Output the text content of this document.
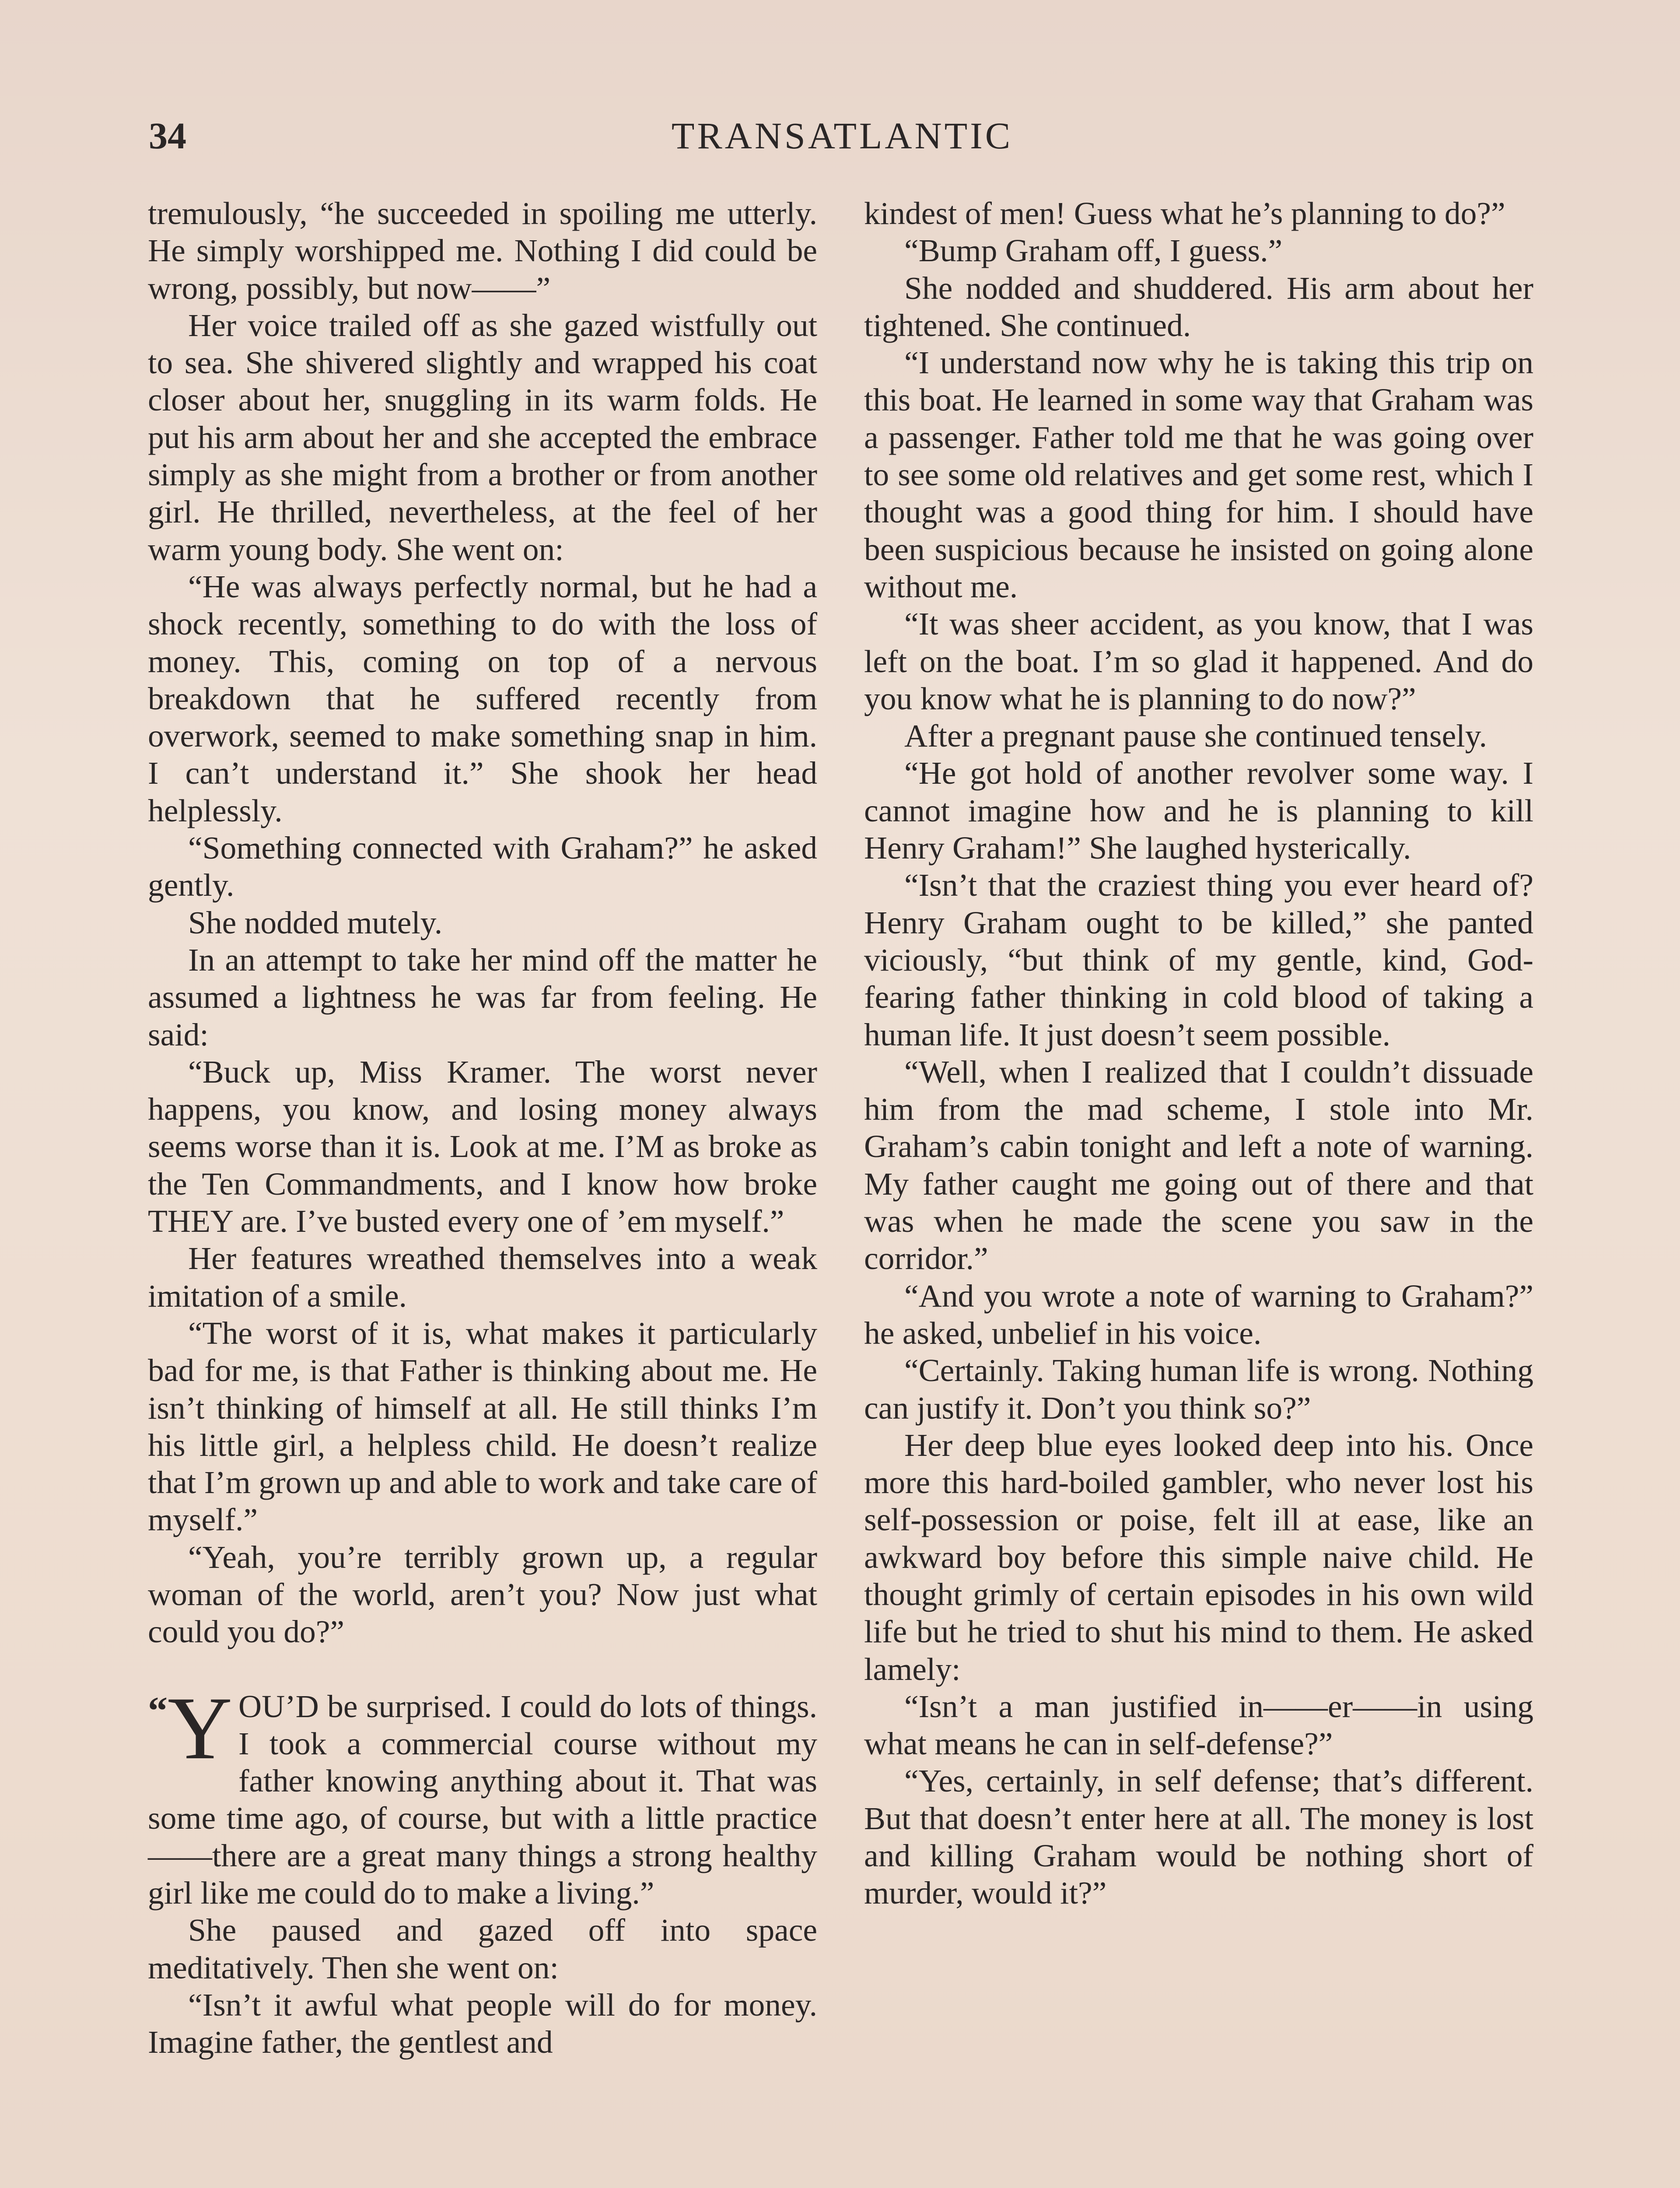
34	TRANSATLANTIC

tremulously, “he succeeded in spoiling me utterly. He simply worshipped me. Nothing I did could be wrong, possibly, but now——”

Her voice trailed off as she gazed wistfully out to sea. She shivered slightly and wrapped his coat closer about her, snuggling in its warm folds. He put his arm about her and she accepted the embrace simply as she might from a brother or from another girl. He thrilled, nevertheless, at the feel of her warm young body. She went on:

“He was always perfectly normal, but he had a shock recently, something to do with the loss of money. This, coming on top of a nervous breakdown that he suffered recently from overwork, seemed to make something snap in him. I can’t understand it.” She shook her head helplessly.

“Something connected with Graham?” he asked gently.

She nodded mutely.

In an attempt to take her mind off the matter he assumed a lightness he was far from feeling. He said:

“Buck up, Miss Kramer. The worst never happens, you know, and losing money always seems worse than it is. Look at me. I’M as broke as the Ten Commandments, and I know how broke THEY are. I’ve busted every one of ’em myself.”

Her features wreathed themselves into a weak imitation of a smile.

“The worst of it is, what makes it particularly bad for me, is that Father is thinking about me. He isn’t thinking of himself at all. He still thinks I’m his little girl, a helpless child. He doesn’t realize that I’m grown up and able to work and take care of myself.”

“Yeah, you’re terribly grown up, a regular woman of the world, aren’t you? Now just what could you do?”

“Y OU’D be surprised. I could do lots of things. I took a commercial course without my father knowing anything about it. That was some time ago, of course, but with a little practice ——there are a great many things a strong healthy girl like me could do to make a living.”

She paused and gazed off into space meditatively. Then she went on:

“Isn’t it awful what people will do for money. Imagine father, the gentlest and

kindest of men! Guess what he’s planning to do?”

“Bump Graham off, I guess.”

She nodded and shuddered. His arm about her tightened. She continued.

“I understand now why he is taking this trip on this boat. He learned in some way that Graham was a passenger. Father told me that he was going over to see some old relatives and get some rest, which I thought was a good thing for him. I should have been suspicious because he insisted on going alone without me.

“It was sheer accident, as you know, that I was left on the boat. I’m so glad it happened. And do you know what he is planning to do now?”

After a pregnant pause she continued tensely.

“He got hold of another revolver some way. I cannot imagine how and he is planning to kill Henry Graham!” She laughed hysterically.

“Isn’t that the craziest thing you ever heard of? Henry Graham ought to be killed,” she panted viciously, “but think of my gentle, kind, God-fearing father thinking in cold blood of taking a human life. It just doesn’t seem possible.

“Well, when I realized that I couldn’t dissuade him from the mad scheme, I stole into Mr. Graham’s cabin tonight and left a note of warning. My father caught me going out of there and that was when he made the scene you saw in the corridor.”

“And you wrote a note of warning to Graham?” he asked, unbelief in his voice.

“Certainly. Taking human life is wrong. Nothing can justify it. Don’t you think so?”

Her deep blue eyes looked deep into his. Once more this hard-boiled gambler, who never lost his self-possession or poise, felt ill at ease, like an awkward boy before this simple naive child. He thought grimly of certain episodes in his own wild life but he tried to shut his mind to them. He asked lamely:

“Isn’t a man justified in——er——in using what means he can in self-defense?”

“Yes, certainly, in self defense; that’s different. But that doesn’t enter here at all. The money is lost and killing Graham would be nothing short of murder, would it?”
